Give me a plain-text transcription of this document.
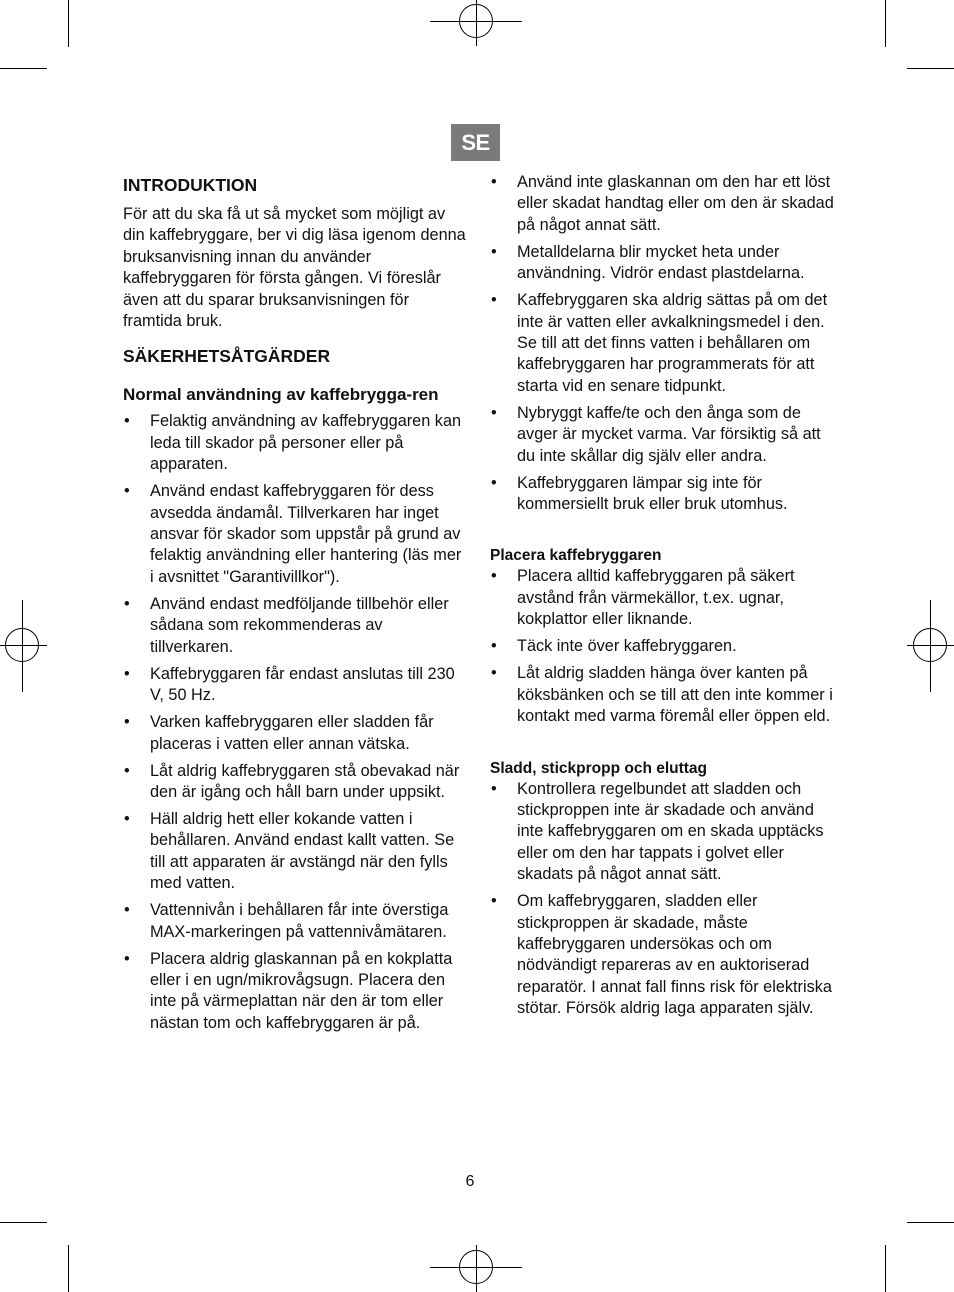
SE
INTRODUKTION

För att du ska få ut så mycket som möjligt av din kaffebryggare, ber vi dig läsa igenom denna bruksanvisning innan du använder kaffebryggaren för första gången. Vi föreslår även att du sparar bruksanvisningen för framtida bruk.

SÄKERHETSÅTGÄRDER
Normal användning av kaffebrygga-ren
• Felaktig användning av kaffebryggaren kan leda till skador på personer eller på apparaten.
• Använd endast kaffebryggaren för dess avsedda ändamål. Tillverkaren har inget ansvar för skador som uppstår på grund av felaktig användning eller hantering (läs mer i avsnittet "Garantivillkor").
• Använd endast medföljande tillbehör eller sådana som rekommenderas av tillverkaren.
• Kaffebryggaren får endast anslutas till 230 V, 50 Hz.
• Varken kaffebryggaren eller sladden får placeras i vatten eller annan vätska.
• Låt aldrig kaffebryggaren stå obevakad när den är igång och håll barn under uppsikt.
• Häll aldrig hett eller kokande vatten i behållaren. Använd endast kallt vatten. Se till att apparaten är avstängd när den fylls med vatten.
• Vattennivån i behållaren får inte överstiga MAX-markeringen på vattennivåmätaren.
• Placera aldrig glaskannan på en kokplatta eller i en ugn/mikrovågsugn. Placera den inte på värmeplattan när den är tom eller nästan tom och kaffebryggaren är på.
• Använd inte glaskannan om den har ett löst eller skadat handtag eller om den är skadad på något annat sätt.
• Metalldelarna blir mycket heta under användning. Vidrör endast plastdelarna.
• Kaffebryggaren ska aldrig sättas på om det inte är vatten eller avkalkningsmedel i den. Se till att det finns vatten i behållaren om kaffebryggaren har programmerats för att starta vid en senare tidpunkt.
• Nybryggt kaffe/te och den ånga som de avger är mycket varma. Var försiktig så att du inte skållar dig själv eller andra.
• Kaffebryggaren lämpar sig inte för kommersiellt bruk eller bruk utomhus.
Placera kaffebryggaren
• Placera alltid kaffebryggaren på säkert avstånd från värmekällor, t.ex. ugnar, kokplattor eller liknande.
• Täck inte över kaffebryggaren.
• Låt aldrig sladden hänga över kanten på köksbänken och se till att den inte kommer i kontakt med varma föremål eller öppen eld.
Sladd, stickpropp och eluttag
• Kontrollera regelbundet att sladden och stickproppen inte är skadade och använd inte kaffebryggaren om en skada upptäcks eller om den har tappats i golvet eller skadats på något annat sätt.
• Om kaffebryggaren, sladden eller stickproppen är skadade, måste kaffebryggaren undersökas och om nödvändigt repareras av en auktoriserad reparatör. I annat fall finns risk för elektriska stötar. Försök aldrig laga apparaten själv.
6
